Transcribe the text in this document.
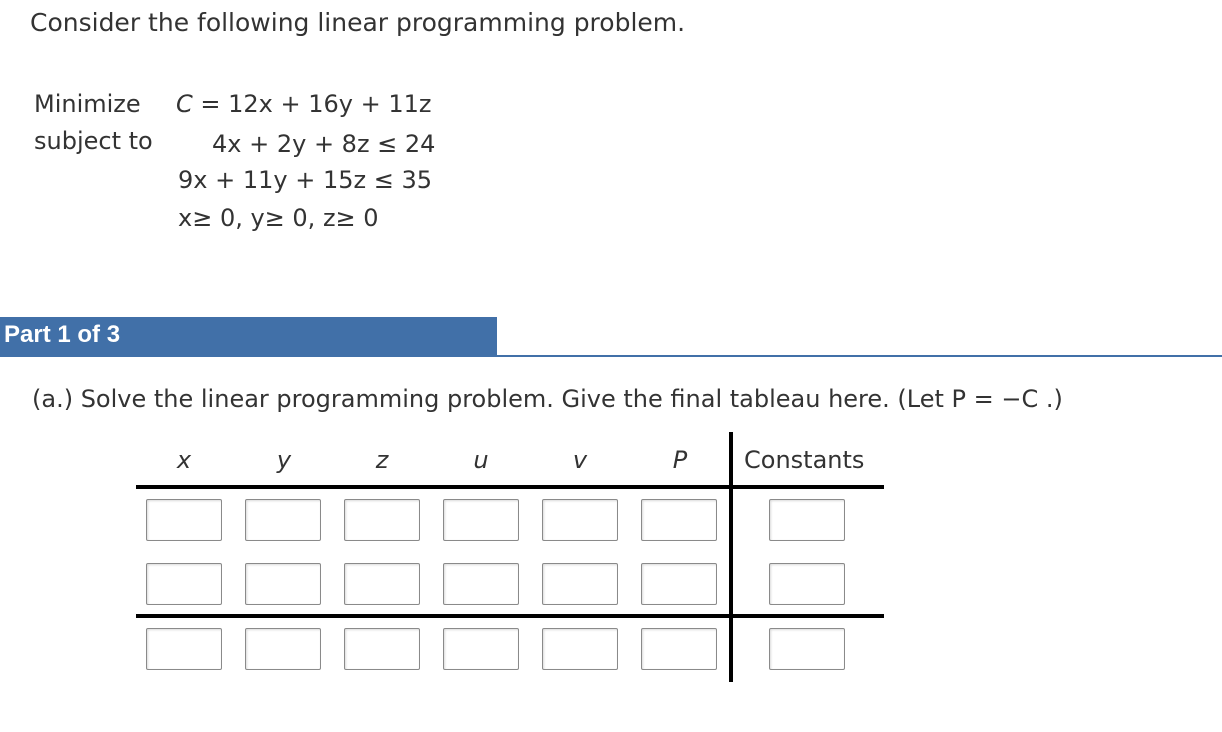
Consider the following linear programming problem.
Minimize
subject to
C = 12x + 16y + 11z
4x + 2y + 8z ≤ 24
9x + 11y + 15z ≤ 35
x≥ 0, y≥ 0, z≥ 0
Part 1 of 3
(a.) Solve the linear programming problem. Give the final tableau here. (Let P = −C .)
x	y	z	u	v	P	Constants
